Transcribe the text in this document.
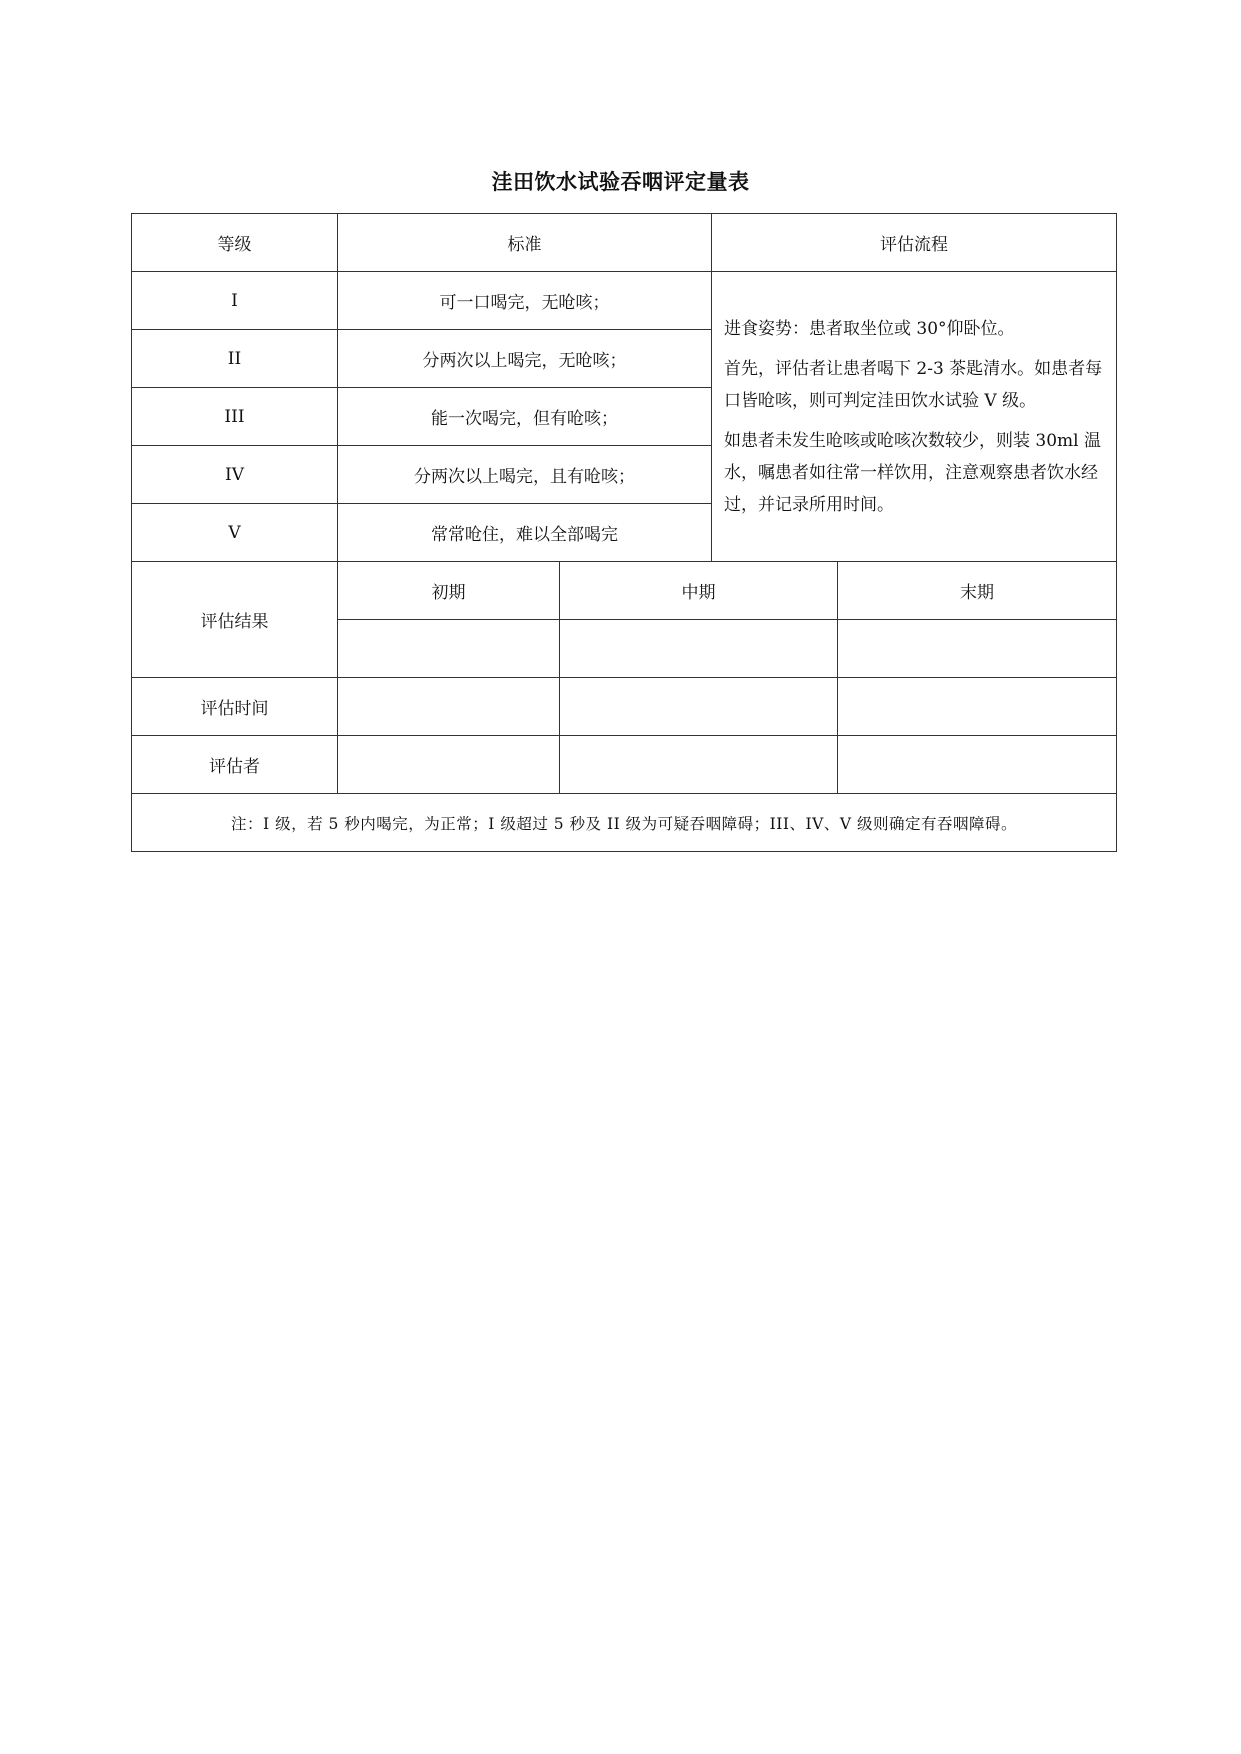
洼田饮水试验吞咽评定量表
等级	标准		评估流程	
I	可一口喝完，无呛咳；		进食姿势：患者取坐位或 30°仰卧位。

首先，评估者让患者喝下 2-3 茶匙清水。如患者每口皆呛咳，则可判定洼田饮水试验 V 级。

如患者未发生呛咳或呛咳次数较少，则装 30ml 温水，嘱患者如往常一样饮用，注意观察患者饮水经过，并记录所用时间。	

II	分两次以上喝完，无呛咳；			
III	能一次喝完，但有呛咳；			
IV	分两次以上喝完，且有呛咳；			
V	常常呛住，难以全部喝完			
评估结果	初期	中期		末期

评估时间				
评估者				
注：I 级，若 5 秒内喝完，为正常；I 级超过 5 秒及 II 级为可疑吞咽障碍；III、IV、V 级则确定有吞咽障碍。				
